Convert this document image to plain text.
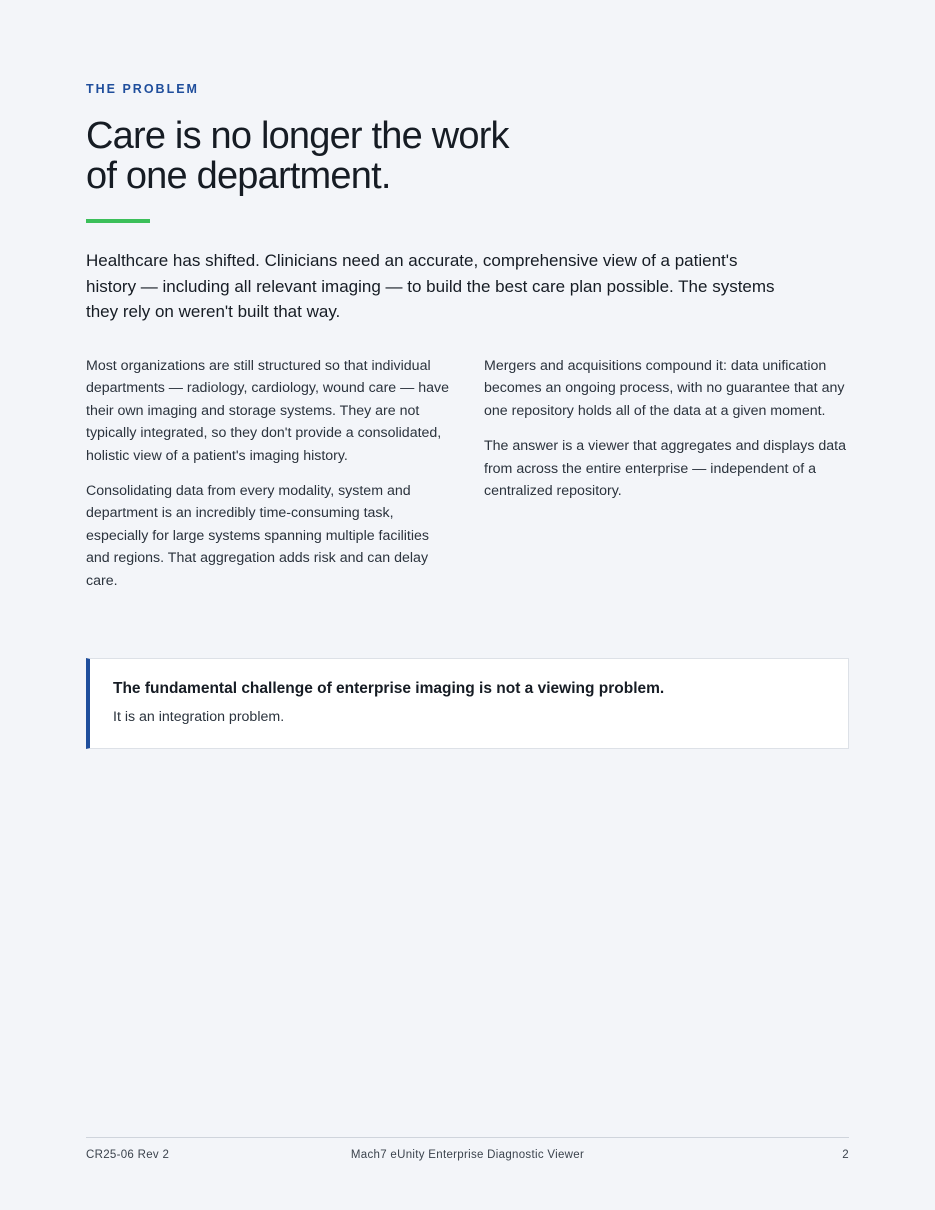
THE PROBLEM
Care is no longer the work
of one department.

Healthcare has shifted. Clinicians need an accurate, comprehensive view of a patient's history — including all relevant imaging — to build the best care plan possible. The systems they rely on weren't built that way.

Most organizations are still structured so that individual departments — radiology, cardiology, wound care — have their own imaging and storage systems. They are not typically integrated, so they don't provide a consolidated, holistic view of a patient's imaging history.

Consolidating data from every modality, system and department is an incredibly time-consuming task, especially for large systems spanning multiple facilities and regions. That aggregation adds risk and can delay care.

Mergers and acquisitions compound it: data unification becomes an ongoing process, with no guarantee that any one repository holds all of the data at a given moment.

The answer is a viewer that aggregates and displays data from across the entire enterprise — independent of a centralized repository.

The fundamental challenge of enterprise imaging is not a viewing problem.
It is an integration problem.
CR25-06 Rev 2	Mach7 eUnity Enterprise Diagnostic Viewer	2
